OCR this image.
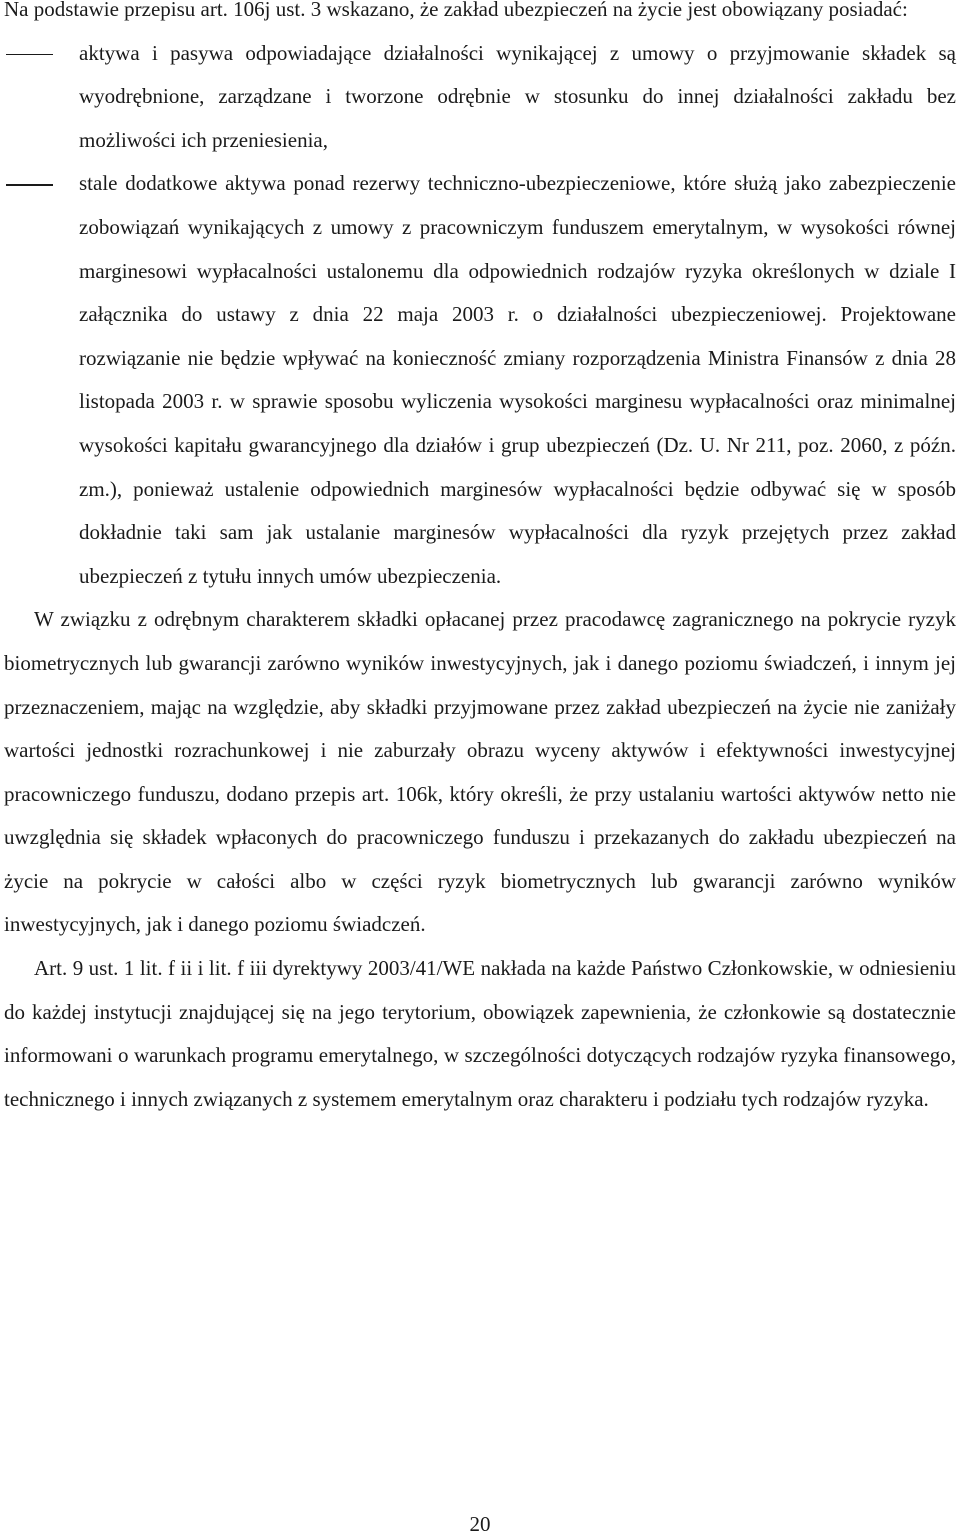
Na podstawie przepisu art. 106j ust. 3 wskazano, że zakład ubezpieczeń na życie jest obowiązany posiadać:

aktywa i pasywa odpowiadające działalności wynikającej z umowy o przyjmowanie składek są wyodrębnione, zarządzane i tworzone odrębnie w stosunku do innej działalności zakładu bez możliwości ich przeniesienia,
stale dodatkowe aktywa ponad rezerwy techniczno-ubezpieczeniowe, które służą jako zabezpieczenie zobowiązań wynikających z umowy z pracowniczym funduszem emerytalnym, w wysokości równej marginesowi wypłacalności ustalonemu dla odpowiednich rodzajów ryzyka określonych w dziale I załącznika do ustawy z dnia 22 maja 2003 r. o działalności ubezpieczeniowej. Projektowane rozwiązanie nie będzie wpływać na konieczność zmiany rozporządzenia Ministra Finansów z dnia 28 listopada 2003 r. w sprawie sposobu wyliczenia wysokości marginesu wypłacalności oraz minimalnej wysokości kapitału gwarancyjnego dla działów i grup ubezpieczeń (Dz. U. Nr 211, poz. 2060, z późn. zm.), ponieważ ustalenie odpowiednich marginesów wypłacalności będzie odbywać się w sposób dokładnie taki sam jak ustalanie marginesów wypłacalności dla ryzyk przejętych przez zakład ubezpieczeń z tytułu innych umów ubezpieczenia.

W związku z odrębnym charakterem składki opłacanej przez pracodawcę zagranicznego na pokrycie ryzyk biometrycznych lub gwarancji zarówno wyników inwestycyjnych, jak i danego poziomu świadczeń, i innym jej przeznaczeniem, mając na względzie, aby składki przyjmowane przez zakład ubezpieczeń na życie nie zaniżały wartości jednostki rozrachunkowej i nie zaburzały obrazu wyceny aktywów i efektywności inwestycyjnej pracowniczego funduszu, dodano przepis art. 106k, który określi, że przy ustalaniu wartości aktywów netto nie uwzględnia się składek wpłaconych do pracowniczego funduszu i przekazanych do zakładu ubezpieczeń na życie na pokrycie w całości albo w części ryzyk biometrycznych lub gwarancji zarówno wyników inwestycyjnych, jak i danego poziomu świadczeń.

Art. 9 ust. 1 lit. f ii i lit. f iii dyrektywy 2003/41/WE nakłada na każde Państwo Członkowskie, w odniesieniu do każdej instytucji znajdującej się na jego terytorium, obowiązek zapewnienia, że członkowie są dostatecznie informowani o warunkach programu emerytalnego, w szczególności dotyczących rodzajów ryzyka finansowego, technicznego i innych związanych z systemem emerytalnym oraz charakteru i podziału tych rodzajów ryzyka.

20
